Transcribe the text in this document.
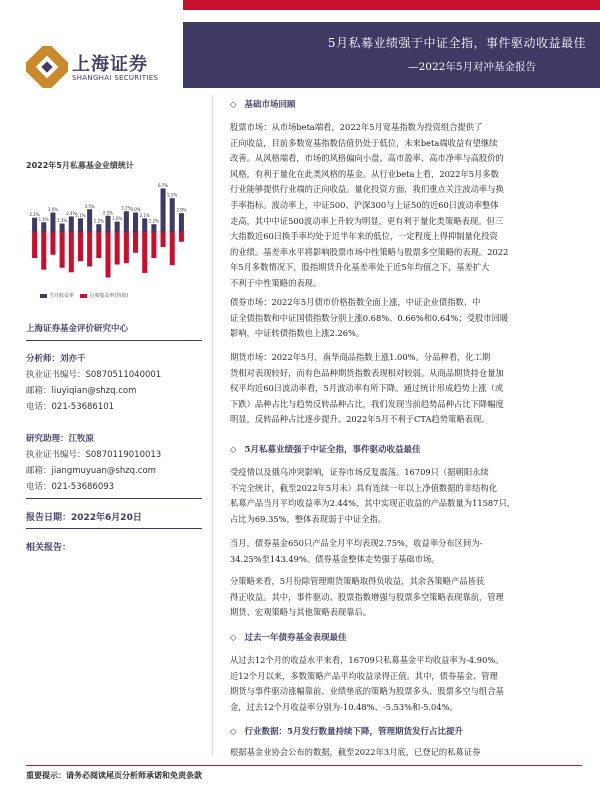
5月私募业绩强于中证全指，事件驱动收益最佳
—2022年5月对冲基金报告
上海证券
SHANGHAI SECURITIES
2022年5月私募基金业绩统计
2.2%
1.5%
3.0%
1.3%
2.4% 2.1%
3.5%
1.2%
2.5%
1.6%
3.2% 3.0%
2.1%
1.2%
6.7%
5.2%
2.9%
当月收益率	月度收益率(均值)
上海证券基金评价研究中心
分析师：刘亦千
执业证书编号：S0870511040001
邮箱：liuyiqian@shzq.com
电话：021-53686101
研究助理：江牧原
执业证书编号：S0870119010013
邮箱：jiangmuyuan@shzq.com
电话：021-53686093
报告日期：2022年6月20日
相关报告：
◇ 基础市场回顾
股票市场：从市场beta端看，2022年5月宽基指数为投资组合提供了
正向收益，目前多数宽基指数估值仍处于低位，未来beta端收益有望继续
改善。从风格端看，市场的风格偏向小盘、高市盈率、高市净率与高股价的
风格，有利于量化在此类风格的基金。从行业beta上看，2022年5月多数
行业能够提供行业端的正向收益。量化投资方面，我们重点关注波动率与换
手率指标。波动率上，中证500、沪深300与上证50的近60日波动率整体
走高，其中中证500波动率上升较为明显，更有利于量化类策略表现。但三
大指数近60日换手率均处于近半年来的低位，一定程度上得抑制量化投资
的业绩。基差率水平将影响股票市场中性策略与股票多空策略的表现。2022
年5月多数情况下，股指期货升化基差率处于近5年均值之下，基差扩大
不利于中性策略的表现。
债券市场：2022年5月债市价格指数全面上涨，中证企业债指数、中
证全债指数和中证国债指数分别上涨0.68%、0.66%和0.64%；受股市回暖
影响，中证转债指数也上涨2.26%。
期货市场：2022年5月，南华商品指数上涨1.00%。分品种看，化工期
货相对表现较好，而有色品种期货指数表现相对较弱。从商品期货持仓量加
权平均近60日波动率看，5月波动率有所下降。通过统计形成趋势上涨（或
下跌）品种占比与趋势反转品种占比，我们发现当前趋势品种占比下降幅度
明显，反转品种占比逐步提升。2022年5月不利于CTA趋势策略表现。
◇ 5月私募业绩强于中证全指，事件驱动收益最佳
受疫情以及俄乌冲突影响，证券市场反复震荡。16709只（据朝阳永续
不完全统计，截至2022年5月末）具有连续一年以上净值数据的非结构化
私募产品当月平均收益率为2.44%，其中实现正收益的产品数量为11587只，
占比为69.35%，整体表现弱于中证全指。
当月，债券基金650只产品全月平均表现2.75%，收益率分布区间为-
34.25%至143.49%。债券基金整体走势强于基础市场。
分策略来看，5月份除管理期货策略取得负收益，其余各策略产品皆获
得正收益。其中，事件驱动、股票指数增强与股票多空策略表现靠前，管理
期货、宏观策略与其他策略表现靠后。
◇ 过去一年债券基金表现最佳
从过去12个月的收益水平来看，16709只私募基金平均收益率为-4.90%。
近12个月以来，多数策略产品平均收益录得正值。其中，债券基金、管理
期货与事件驱动涨幅靠前。业绩垫底的策略为股票多头、股票多空与组合基
金，过去12个月收益率分别为-10.48%、-5.53%和-5.04%。
◇ 行业数据：5月发行数量持续下降，管理期货发行占比提升
根据基金业协会公布的数据，截至2022年3月底，已登记的私募证券
重要提示：请务必阅读尾页分析师承诺和免责条款
